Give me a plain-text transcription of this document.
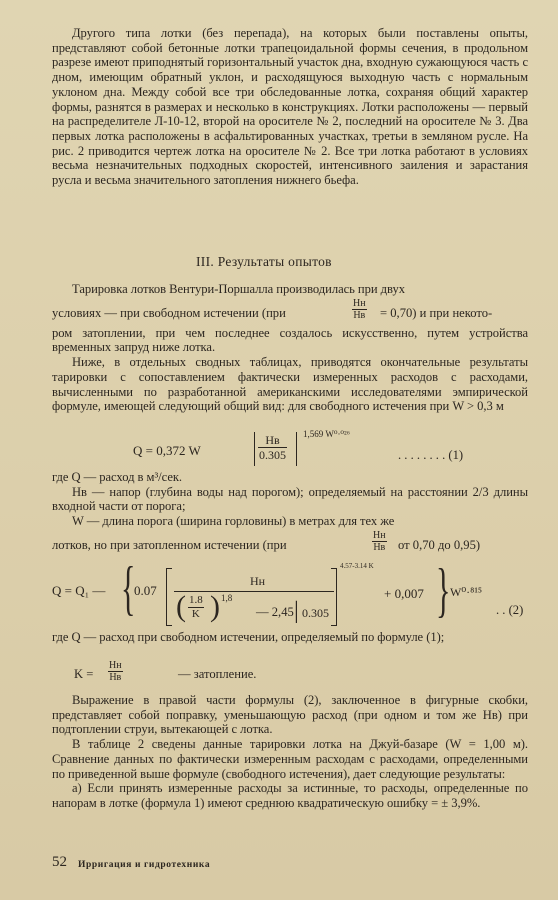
Другого типа лотки (без перепада), на которых были поставлены опыты, представляют собой бетонные лотки трапецоидальной формы сечения, в продольном разрезе имеют приподнятый горизонтальный участок дна, входную сужающуюся часть с дном, имеющим обратный уклон, и расходящуюся выходную часть с нормальным уклоном дна. Между собой все три обследованные лотка, сохраняя общий характер формы, разнятся в размерах и несколько в конструкциях. Лотки расположены — первый на распределителе Л-10-12, второй на оросителе № 2, последний на оросителе № 3. Два первых лотка расположены в асфальтированных участках, третьи в земляном русле. На рис. 2 приводится чертеж лотка на оросителе № 2. Все три лотка работают в условиях весьма незначительных подходных скоростей, интенсивного заиления и зарастания русла и весьма значительного затопления нижнего бьефа.

III. Результаты опытов

Тарировка лотков Вентури-Поршалла производилась при двух

условиях — при свободном истечении (при
Hн
Hв = 0,70) и при некото-

ром затоплении, при чем последнее создалось искусственно, путем устройства временных запруд ниже лотка.

Ниже, в отдельных сводных таблицах, приводятся окончательные результаты тарировки с сопоставлением фактически измеренных расходов с расходами, вычисленными по разработанной американскими исследователями эмпирической формуле, имеющей следующий общий вид: для свободного истечения при W > 0,3 м

Q = 0,372 W
Hв
0.305
1,569 W⁰·⁰²⁶
. . . . . . . . (1)

где Q — расход в м³/сек.

Hв — напор (глубина воды над порогом); определяемый на расстоянии 2/3 длины входной части от порога;

W — длина порога (ширина горловины) в метрах для тех же

лотков, но при затопленном истечении (при
Hн
Hв от 0,70 до 0,95)
Q = Q₁ — {
0.07
Hн
( $\frac{1.8}{K}$ ) 1,8
— 2,45 | 0.305
4.57-3.14 K
+ 0,007 } W⁰·⁸¹⁵
. . (2)

где Q — расход при свободном истечении, определяемый по формуле (1);

K =
Hн
Hв	— затопление.

Выражение в правой части формулы (2), заключенное в фигурные скобки, представляет собой поправку, уменьшающую расход (при одном и том же Hв) при подтоплении струи, вытекающей с лотка.

В таблице 2 сведены данные тарировки лотка на Джуй-базаре (W = 1,00 м). Сравнение данных по фактически измеренным расходам с расходами, определенными по приведенной выше формуле (свободного истечения), дает следующие результаты:

а) Если принять измеренные расходы за истинные, то расходы, определенные по напорам в лотке (формула 1) имеют среднюю квадратическую ошибку = ± 3,9%.

52 Ирригация и гидротехника
